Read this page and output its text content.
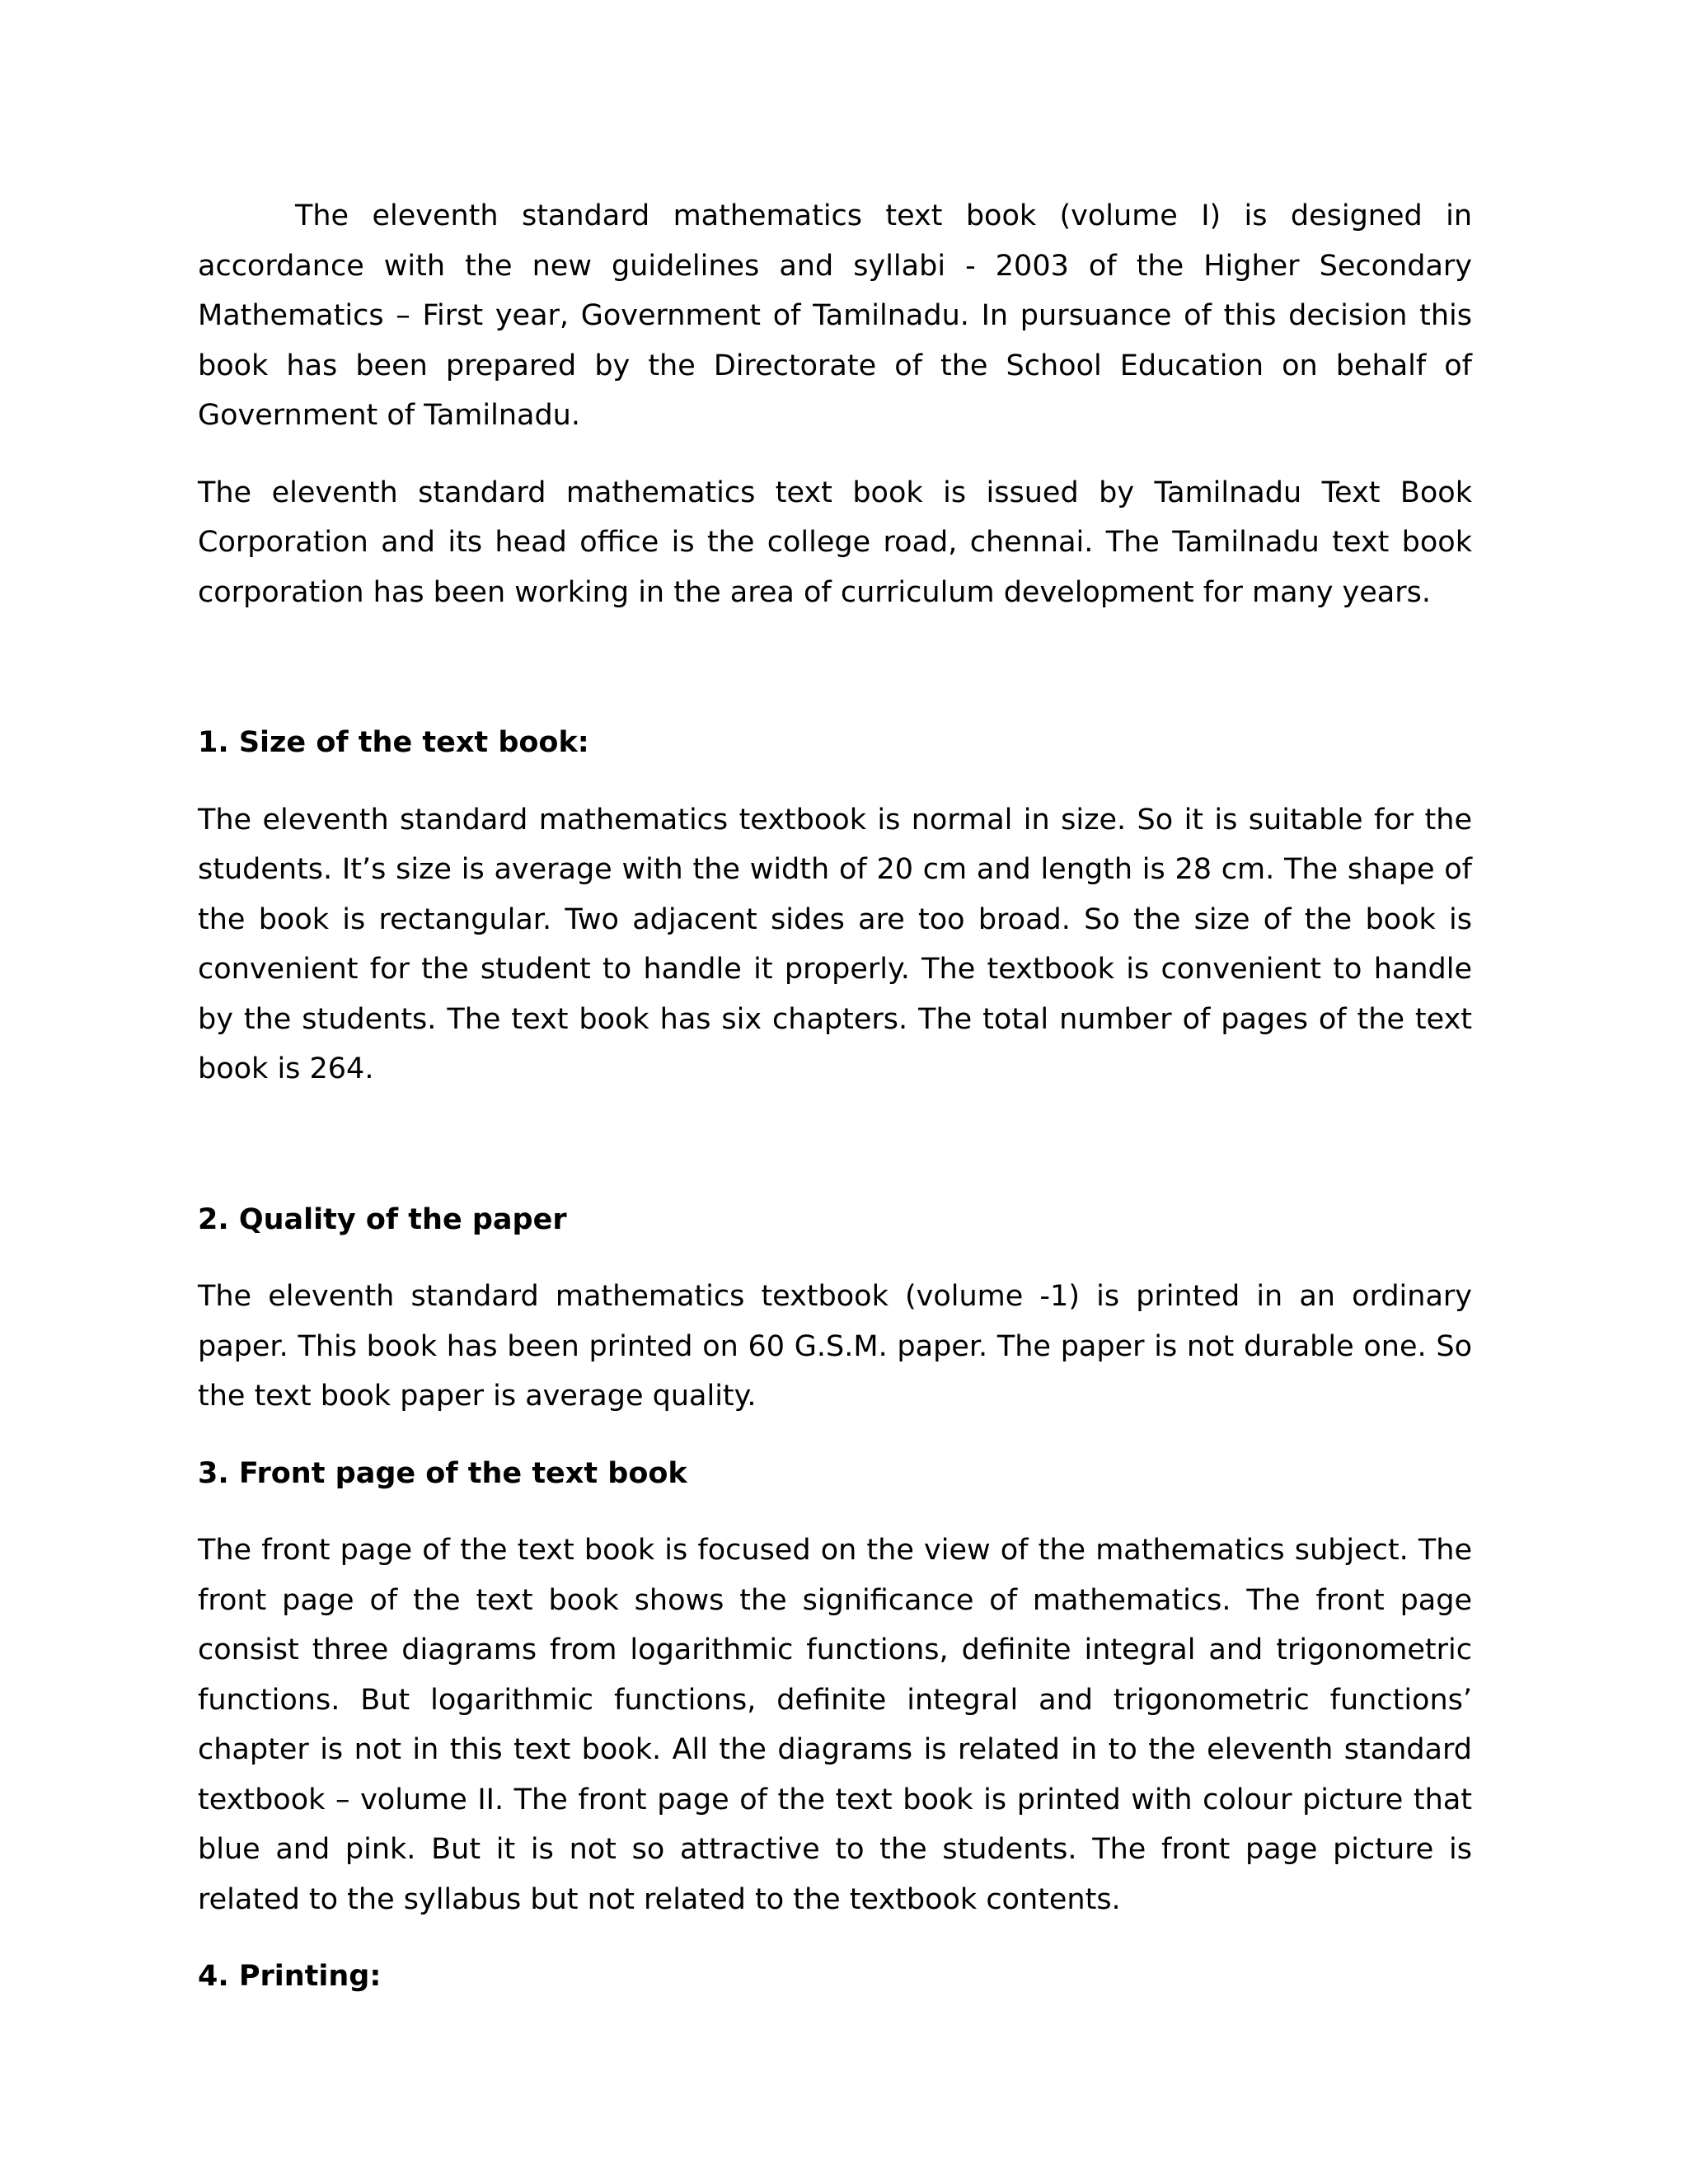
The eleventh standard mathematics text book (volume I) is designed in accordance with the new guidelines and syllabi - 2003 of the Higher Secondary Mathematics – First year, Government of Tamilnadu. In pursuance of this decision this book has been prepared by the Directorate of the School Education on behalf of Government of Tamilnadu.

The eleventh standard mathematics text book is issued by Tamilnadu Text Book Corporation and its head office is the college road, chennai. The Tamilnadu text book corporation has been working in the area of curriculum development for many years.

1. Size of the text book:

The eleventh standard mathematics textbook is normal in size. So it is suitable for the students. It’s size is average with the width of 20 cm and length is 28 cm. The shape of the book is rectangular. Two adjacent sides are too broad. So the size of the book is convenient for the student to handle it properly. The textbook is convenient to handle by the students. The text book has six chapters. The total number of pages of the text book is 264.

2. Quality of the paper

The eleventh standard mathematics textbook (volume -1) is printed in an ordinary paper. This book has been printed on 60 G.S.M. paper. The paper is not durable one. So the text book paper is average quality.

3. Front page of the text book

The front page of the text book is focused on the view of the mathematics subject. The front page of the text book shows the significance of mathematics. The front page consist three diagrams from logarithmic functions, definite integral and trigonometric functions. But logarithmic functions, definite integral and trigonometric functions’ chapter is not in this text book. All the diagrams is related in to the eleventh standard textbook – volume II. The front page of the text book is printed with colour picture that blue and pink. But it is not so attractive to the students. The front page picture is related to the syllabus but not related to the textbook contents.

4. Printing:
